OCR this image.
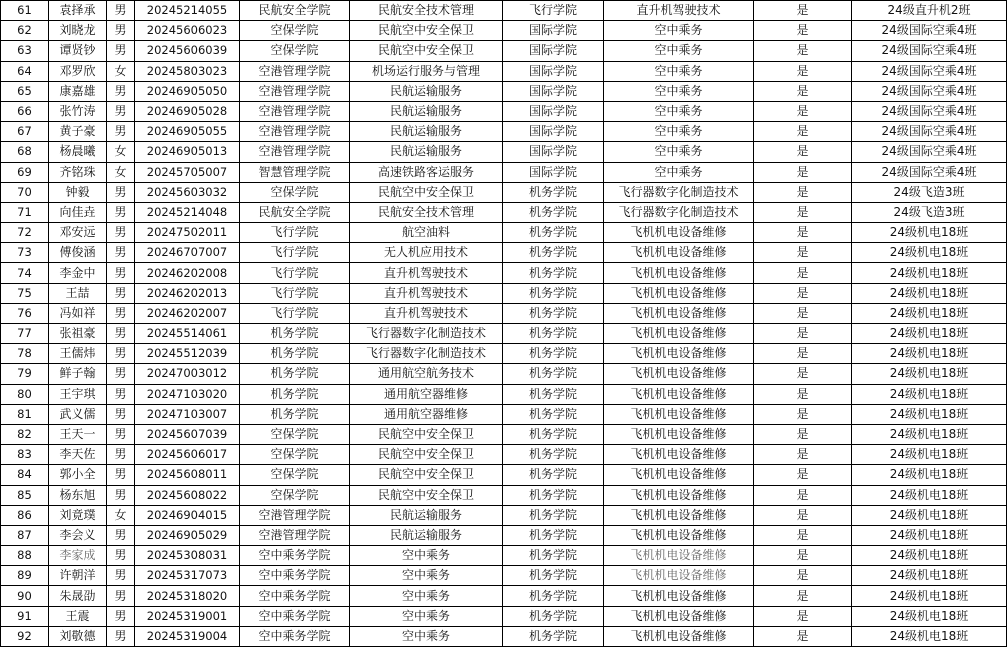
61	袁择承	男	20245214055	民航安全学院	民航安全技术管理	飞行学院	直升机驾驶技术	是	24级直升机2班
62	刘晓龙	男	20245606023	空保学院	民航空中安全保卫	国际学院	空中乘务	是	24级国际空乘4班
63	谭贤钞	男	20245606039	空保学院	民航空中安全保卫	国际学院	空中乘务	是	24级国际空乘4班
64	邓罗欣	女	20245803023	空港管理学院	机场运行服务与管理	国际学院	空中乘务	是	24级国际空乘4班
65	康嘉雄	男	20246905050	空港管理学院	民航运输服务	国际学院	空中乘务	是	24级国际空乘4班
66	张竹涛	男	20246905028	空港管理学院	民航运输服务	国际学院	空中乘务	是	24级国际空乘4班
67	黄子豪	男	20246905055	空港管理学院	民航运输服务	国际学院	空中乘务	是	24级国际空乘4班
68	杨晨曦	女	20246905013	空港管理学院	民航运输服务	国际学院	空中乘务	是	24级国际空乘4班
69	齐铭珠	女	20245705007	智慧管理学院	高速铁路客运服务	国际学院	空中乘务	是	24级国际空乘4班
70	钟毅	男	20245603032	空保学院	民航空中安全保卫	机务学院	飞行器数字化制造技术	是	24级飞造3班
71	向佳垚	男	20245214048	民航安全学院	民航安全技术管理	机务学院	飞行器数字化制造技术	是	24级飞造3班
72	邓安远	男	20247502011	飞行学院	航空油料	机务学院	飞机机电设备维修	是	24级机电18班
73	傅俊涵	男	20246707007	飞行学院	无人机应用技术	机务学院	飞机机电设备维修	是	24级机电18班
74	李金中	男	20246202008	飞行学院	直升机驾驶技术	机务学院	飞机机电设备维修	是	24级机电18班
75	王喆	男	20246202013	飞行学院	直升机驾驶技术	机务学院	飞机机电设备维修	是	24级机电18班
76	冯如祥	男	20246202007	飞行学院	直升机驾驶技术	机务学院	飞机机电设备维修	是	24级机电18班
77	张祖豪	男	20245514061	机务学院	飞行器数字化制造技术	机务学院	飞机机电设备维修	是	24级机电18班
78	王儒炜	男	20245512039	机务学院	飞行器数字化制造技术	机务学院	飞机机电设备维修	是	24级机电18班
79	鲜子翰	男	20247003012	机务学院	通用航空航务技术	机务学院	飞机机电设备维修	是	24级机电18班
80	王宇琪	男	20247103020	机务学院	通用航空器维修	机务学院	飞机机电设备维修	是	24级机电18班
81	武义儒	男	20247103007	机务学院	通用航空器维修	机务学院	飞机机电设备维修	是	24级机电18班
82	王天一	男	20245607039	空保学院	民航空中安全保卫	机务学院	飞机机电设备维修	是	24级机电18班
83	李天佐	男	20245606017	空保学院	民航空中安全保卫	机务学院	飞机机电设备维修	是	24级机电18班
84	郭小全	男	20245608011	空保学院	民航空中安全保卫	机务学院	飞机机电设备维修	是	24级机电18班
85	杨东旭	男	20245608022	空保学院	民航空中安全保卫	机务学院	飞机机电设备维修	是	24级机电18班
86	刘竟璞	女	20246904015	空港管理学院	民航运输服务	机务学院	飞机机电设备维修	是	24级机电18班
87	李会义	男	20246905029	空港管理学院	民航运输服务	机务学院	飞机机电设备维修	是	24级机电18班
88	李家成	男	20245308031	空中乘务学院	空中乘务	机务学院	飞机机电设备维修	是	24级机电18班
89	许朝洋	男	20245317073	空中乘务学院	空中乘务	机务学院	飞机机电设备维修	是	24级机电18班
90	朱晟劭	男	20245318020	空中乘务学院	空中乘务	机务学院	飞机机电设备维修	是	24级机电18班
91	王震	男	20245319001	空中乘务学院	空中乘务	机务学院	飞机机电设备维修	是	24级机电18班
92	刘敬德	男	20245319004	空中乘务学院	空中乘务	机务学院	飞机机电设备维修	是	24级机电18班
